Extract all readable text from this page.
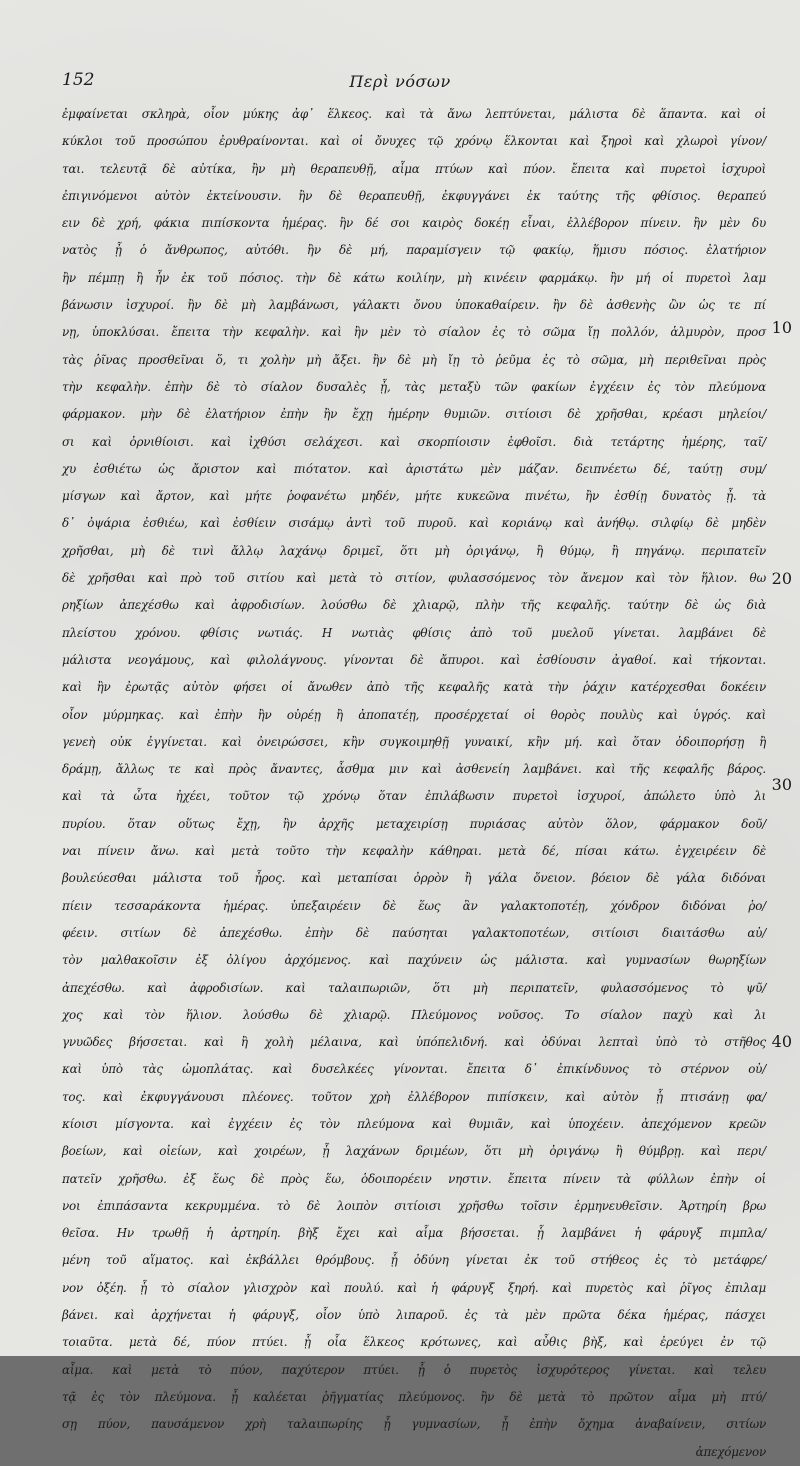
152	Περὶ νόσων
ἐμφαίνεται σκληρὰ, οἷον μύκης ἀφ᾽ ἕλκεος. καὶ τὰ ἄνω λεπτύνεται, μάλιστα δὲ ἅπαντα. καὶ οἱ
κύκλοι τοῦ προσώπου ἐρυθραίνονται. καὶ οἱ ὄνυχες τῷ χρόνῳ ἕλκονται καὶ ξηροὶ καὶ χλωροὶ γίνον/
ται. τελευτᾷ δὲ αὐτίκα, ἢν μὴ θεραπευθῇ, αἷμα πτύων καὶ πύον. ἔπειτα καὶ πυρετοὶ ἰσχυροὶ
ἐπιγινόμενοι αὐτὸν ἐκτείνουσιν. ἢν δὲ θεραπευθῇ, ἐκφυγγάνει ἐκ ταύτης τῆς φθίσιος. θεραπεύ
ειν δὲ χρή, φάκια πιπίσκοντα ἡμέρας. ἢν δέ σοι καιρὸς δοκέῃ εἶναι, ἐλλέβορον πίνειν. ἢν μὲν δυ
νατὸς ᾖ ὁ ἄνθρωπος, αὐτόθι. ἢν δὲ μή, παραμίσγειν τῷ φακίῳ, ἥμισυ πόσιος. ἐλατήριον
ἢν πέμπῃ ἢ ἦν ἐκ τοῦ πόσιος. τὴν δὲ κάτω κοιλίην, μὴ κινέειν φαρμάκῳ. ἢν μή οἱ πυρετοὶ λαμ
βάνωσιν ἰσχυροί. ἢν δὲ μὴ λαμβάνωσι, γάλακτι ὄνου ὑποκαθαίρειν. ἢν δὲ ἀσθενὴς ὢν ὡς τε πί
νῃ, ὑποκλύσαι. ἔπειτα τὴν κεφαλὴν. καὶ ἢν μὲν τὸ σίαλον ἐς τὸ σῶμα ἴῃ πολλόν, ἁλμυρὸν, προσ
τὰς ῥῖνας προσθεῖναι ὅ, τι χολὴν μὴ ἄξει. ἢν δὲ μὴ ἴῃ τὸ ῥεῦμα ἐς τὸ σῶμα, μὴ περιθεῖναι πρὸς
τὴν κεφαλὴν. ἐπὴν δὲ τὸ σίαλον δυσαλὲς ᾖ, τὰς μεταξὺ τῶν φακίων ἐγχέειν ἐς τὸν πλεύμονα
φάρμακον. μὴν δὲ ἐλατήριον ἐπὴν ἢν ἔχῃ ἡμέρην θυμιῶν. σιτίοισι δὲ χρῆσθαι, κρέασι μηλείοι/
σι καὶ ὀρνιθίοισι. καὶ ἰχθύσι σελάχεσι. καὶ σκορπίοισιν ἑφθοῖσι. διὰ τετάρτης ἡμέρης, ταῖ/
χυ ἐσθιέτω ὡς ἄριστον καὶ πιότατον. καὶ ἀριστάτω μὲν μάζαν. δειπνέετω δέ, ταύτῃ συμ/
μίσγων καὶ ἄρτον, καὶ μήτε ῥοφανέτω μηδέν, μήτε κυκεῶνα πινέτω, ἢν ἐσθίῃ δυνατὸς ᾖ. τὰ
δ᾽ ὀψάρια ἐσθιέω, καὶ ἐσθίειν σισάμῳ ἀντὶ τοῦ πυροῦ. καὶ κοριάνῳ καὶ ἀνήθῳ. σιλφίῳ δὲ μηδὲν
χρῆσθαι, μὴ δὲ τινὶ ἄλλῳ λαχάνῳ δριμεῖ, ὅτι μὴ ὀριγάνῳ, ἢ θύμῳ, ἢ πηγάνῳ. περιπατεῖν
δὲ χρῆσθαι καὶ πρὸ τοῦ σιτίου καὶ μετὰ τὸ σιτίον, φυλασσόμενος τὸν ἄνεμον καὶ τὸν ἥλιον. θω
ρηξίων ἀπεχέσθω καὶ ἀφροδισίων. λούσθω δὲ χλιαρῷ, πλὴν τῆς κεφαλῆς. ταύτην δὲ ὡς διὰ
πλείστου χρόνου. φθίσις νωτιάς. Η νωτιὰς φθίσις ἀπὸ τοῦ μυελοῦ γίνεται. λαμβάνει δὲ
μάλιστα νεογάμους, καὶ φιλολάγνους. γίνονται δὲ ἄπυροι. καὶ ἐσθίουσιν ἀγαθοί. καὶ τήκονται.
καὶ ἢν ἐρωτᾷς αὐτὸν φήσει οἱ ἄνωθεν ἀπὸ τῆς κεφαλῆς κατὰ τὴν ῥάχιν κατέρχεσθαι δοκέειν
οἷον μύρμηκας. καὶ ἐπὴν ἢν οὐρέῃ ἢ ἀποπατέῃ, προσέρχεταί οἱ θορὸς πουλὺς καὶ ὑγρός. καὶ
γενεὴ οὐκ ἐγγίνεται. καὶ ὀνειρώσσει, κἢν συγκοιμηθῇ γυναικί, κἢν μή. καὶ ὅταν ὁδοιπορήσῃ ἢ
δράμῃ, ἄλλως τε καὶ πρὸς ἄναντες, ἆσθμα μιν καὶ ἀσθενείη λαμβάνει. καὶ τῆς κεφαλῆς βάρος.
καὶ τὰ ὦτα ἠχέει, τοῦτον τῷ χρόνῳ ὅταν ἐπιλάβωσιν πυρετοὶ ἰσχυροί, ἀπώλετο ὑπὸ λι
πυρίου. ὅταν οὕτως ἔχῃ, ἢν ἀρχῆς μεταχειρίσῃ πυριάσας αὐτὸν ὅλον, φάρμακον δοῦ/
ναι πίνειν ἄνω. καὶ μετὰ τοῦτο τὴν κεφαλὴν κάθηραι. μετὰ δέ, πίσαι κάτω. ἐγχειρέειν δὲ
βουλεύεσθαι μάλιστα τοῦ ἦρος. καὶ μεταπίσαι ὀρρὸν ἢ γάλα ὄνειον. βόειον δὲ γάλα διδόναι
πίειν τεσσαράκοντα ἡμέρας. ὑπεξαιρέειν δὲ ἕως ἂν γαλακτοποτέῃ, χόνδρον διδόναι ῥο/
φέειν. σιτίων δὲ ἀπεχέσθω. ἐπὴν δὲ παύσηται γαλακτοποτέων, σιτίοισι διαιτάσθω αὐ/
τὸν μαλθακοῖσιν ἐξ ὀλίγου ἀρχόμενος. καὶ παχύνειν ὡς μάλιστα. καὶ γυμνασίων θωρηξίων
ἀπεχέσθω. καὶ ἀφροδισίων. καὶ ταλαιπωριῶν, ὅτι μὴ περιπατεῖν, φυλασσόμενος τὸ ψῦ/
χος καὶ τὸν ἥλιον. λούσθω δὲ χλιαρῷ. Πλεύμονος νοῦσος. Το σίαλον παχὺ καὶ λι
γνυῶδες βήσσεται. καὶ ἢ χολὴ μέλαινα, καὶ ὑπόπελιδνή. καὶ ὀδύναι λεπταὶ ὑπὸ τὸ στῆθος
καὶ ὑπὸ τὰς ὠμοπλάτας. καὶ δυσελκέες γίνονται. ἔπειτα δ᾽ ἐπικίνδυνος τὸ στέρνον οὐ/
τος. καὶ ἐκφυγγάνουσι πλέονες. τοῦτον χρὴ ἐλλέβορον πιπίσκειν, καὶ αὐτὸν ᾗ πτισάνῃ φα/
κίοισι μίσγοντα. καὶ ἐγχέειν ἐς τὸν πλεύμονα καὶ θυμιᾶν, καὶ ὑποχέειν. ἀπεχόμενον κρεῶν
βοείων, καὶ οἰείων, καὶ χοιρέων, ᾗ λαχάνων δριμέων, ὅτι μὴ ὀριγάνῳ ἢ θύμβρῃ. καὶ περι/
πατεῖν χρῆσθω. ἐξ ἕως δὲ πρὸς ἕω, ὁδοιπορέειν νηστιν. ἔπειτα πίνειν τὰ φύλλων ἐπὴν οἱ
νοι ἐπιπάσαντα κεκρυμμένα. τὸ δὲ λοιπὸν σιτίοισι χρῆσθω τοῖσιν ἑρμηνευθεῖσιν. Ἀρτηρίη βρω
θεῖσα. Ην τρωθῇ ἡ ἀρτηρίη. βὴξ ἔχει καὶ αἷμα βήσσεται. ᾗ λαμβάνει ἡ φάρυγξ πιμπλα/
μένη τοῦ αἵματος. καὶ ἐκβάλλει θρόμβους. ᾗ ὀδύνη γίνεται ἐκ τοῦ στήθεος ἐς τὸ μετάφρε/
νον ὀξέη. ᾗ τὸ σίαλον γλισχρὸν καὶ πουλύ. καὶ ἡ φάρυγξ ξηρή. καὶ πυρετὸς καὶ ῥῖγος ἐπιλαμ
βάνει. καὶ ἀρχήνεται ἡ φάρυγξ, οἷον ὑπὸ λιπαροῦ. ἐς τὰ μὲν πρῶτα δέκα ἡμέρας, πάσχει
τοιαῦτα. μετὰ δέ, πύον πτύει. ᾗ οἷα ἕλκεος κρότωνες, καὶ αὖθις βὴξ, καὶ ἐρεύγει ἐν τῷ
αἷμα. καὶ μετὰ τὸ πύον, παχύτερον πτύει. ᾗ ὁ πυρετὸς ἰσχυρότερος γίνεται. καὶ τελευ
τᾷ ἐς τὸν πλεύμονα. ᾗ καλέεται ῥῆγματίας πλεύμονος. ἢν δὲ μετὰ τὸ πρῶτον αἷμα μὴ πτύ/
σῃ πύον, παυσάμενον χρὴ ταλαιπωρίης ᾗ γυμνασίων, ᾗ ἐπὴν ὄχημα ἀναβαίνειν, σιτίων
ἀπεχόμενον
10
20
30
40
